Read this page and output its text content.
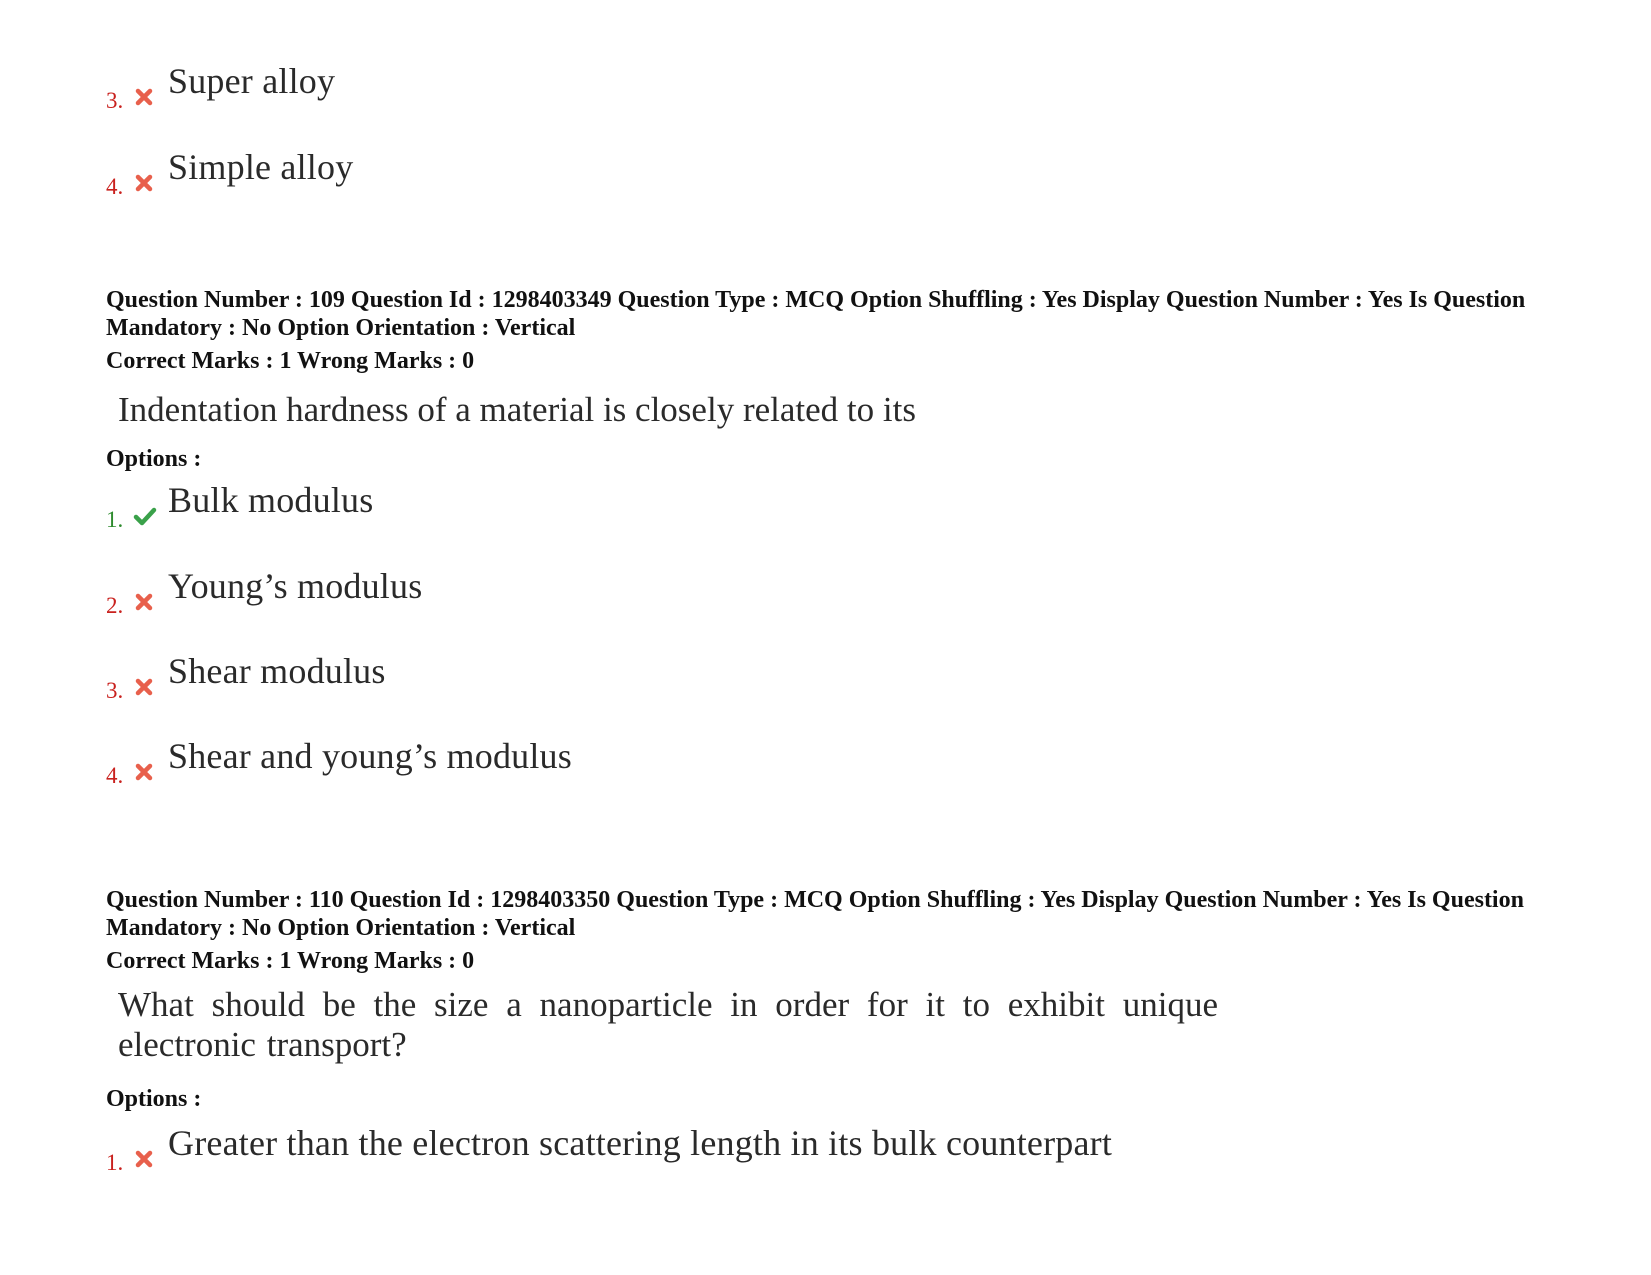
3. Super alloy
4. Simple alloy
Question Number : 109 Question Id : 1298403349 Question Type : MCQ Option Shuffling : Yes Display Question Number : Yes Is Question Mandatory : No Option Orientation : Vertical
Correct Marks : 1 Wrong Marks : 0
Indentation hardness of a material is closely related to its
Options :
1. Bulk modulus
2. Young’s modulus
3. Shear modulus
4. Shear and young’s modulus
Question Number : 110 Question Id : 1298403350 Question Type : MCQ Option Shuffling : Yes Display Question Number : Yes Is Question Mandatory : No Option Orientation : Vertical
Correct Marks : 1 Wrong Marks : 0
What should be the size a nanoparticle in order for it to exhibit unique electronic transport?
Options :
1. Greater than the electron scattering length in its bulk counterpart
